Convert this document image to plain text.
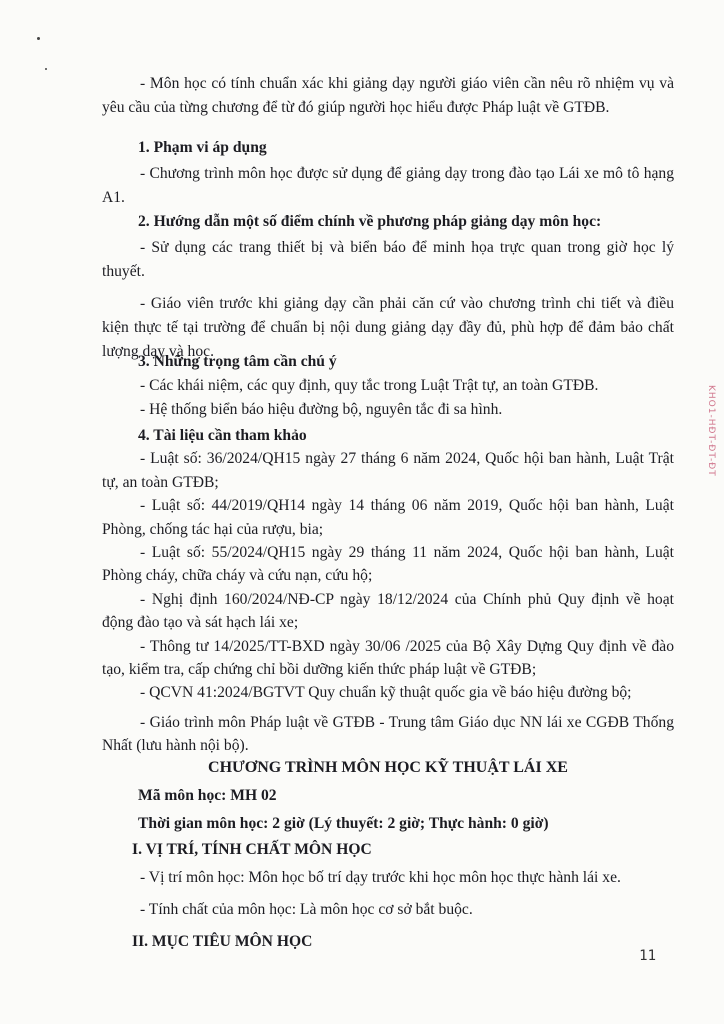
- Môn học có tính chuẩn xác khi giảng dạy người giáo viên cần nêu rõ nhiệm vụ và yêu cầu của từng chương để từ đó giúp người học hiểu được Pháp luật về GTĐB.

1. Phạm vi áp dụng

- Chương trình môn học được sử dụng để giảng dạy trong đào tạo Lái xe mô tô hạng A1.

2. Hướng dẫn một số điểm chính về phương pháp giảng dạy môn học:

- Sử dụng các trang thiết bị và biển báo để minh họa trực quan trong giờ học lý thuyết.

- Giáo viên trước khi giảng dạy cần phải căn cứ vào chương trình chi tiết và điều kiện thực tế tại trường để chuẩn bị nội dung giảng dạy đầy đủ, phù hợp để đảm bảo chất lượng dạy và học.

3. Những trọng tâm cần chú ý

- Các khái niệm, các quy định, quy tắc trong Luật Trật tự, an toàn GTĐB.

- Hệ thống biển báo hiệu đường bộ, nguyên tắc đi sa hình.

4. Tài liệu cần tham khảo

- Luật số: 36/2024/QH15 ngày 27 tháng 6 năm 2024, Quốc hội ban hành, Luật Trật tự, an toàn GTĐB;

- Luật số: 44/2019/QH14 ngày 14 tháng 06 năm 2019, Quốc hội ban hành, Luật Phòng, chống tác hại của rượu, bia;

- Luật số: 55/2024/QH15 ngày 29 tháng 11 năm 2024, Quốc hội ban hành, Luật Phòng cháy, chữa cháy và cứu nạn, cứu hộ;

- Nghị định 160/2024/NĐ-CP ngày 18/12/2024 của Chính phủ Quy định về hoạt động đào tạo và sát hạch lái xe;

- Thông tư 14/2025/TT-BXD ngày 30/06 /2025 của Bộ Xây Dựng Quy định về đào tạo, kiểm tra, cấp chứng chỉ bồi dưỡng kiến thức pháp luật về GTĐB;

- QCVN 41:2024/BGTVT Quy chuẩn kỹ thuật quốc gia về báo hiệu đường bộ;

- Giáo trình môn Pháp luật về GTĐB - Trung tâm Giáo dục NN lái xe CGĐB Thống Nhất (lưu hành nội bộ).

CHƯƠNG TRÌNH MÔN HỌC KỸ THUẬT LÁI XE

Mã môn học: MH 02

Thời gian môn học: 2 giờ (Lý thuyết: 2 giờ; Thực hành: 0 giờ)

I. VỊ TRÍ, TÍNH CHẤT MÔN HỌC

- Vị trí môn học: Môn học bố trí dạy trước khi học môn học thực hành lái xe.

- Tính chất của môn học: Là môn học cơ sở bắt buộc.

II. MỤC TIÊU MÔN HỌC

11
KHO1-HĐT-ĐT-ĐT
